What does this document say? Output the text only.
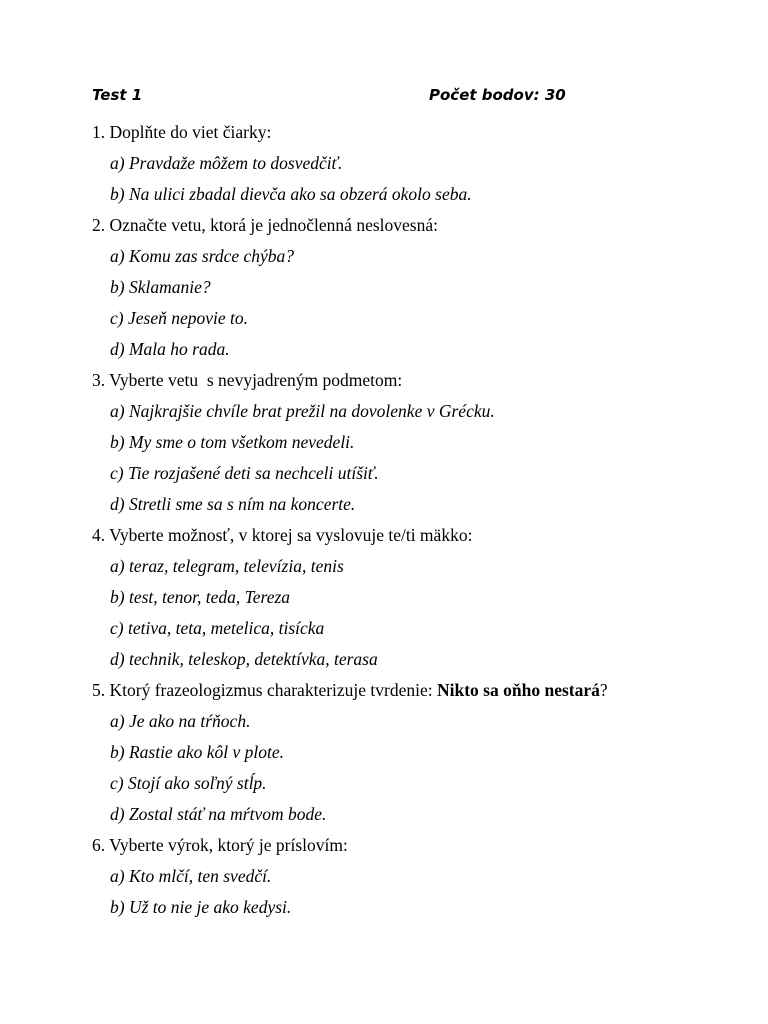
Test 1	Počet bodov: 30

1. Doplňte do viet čiarky:

a) Pravdaže môžem to dosvedčiť.

b) Na ulici zbadal dievča ako sa obzerá okolo seba.

2. Označte vetu, ktorá je jednočlenná neslovesná:

a) Komu zas srdce chýba?

b) Sklamanie?

c) Jeseň nepovie to.

d) Mala ho rada.

3. Vyberte vetu  s nevyjadreným podmetom:

a) Najkrajšie chvíle brat prežil na dovolenke v Grécku.

b) My sme o tom všetkom nevedeli.

c) Tie rozjašené deti sa nechceli utíšiť.

d) Stretli sme sa s ním na koncerte.

4. Vyberte možnosť, v ktorej sa vyslovuje te/ti mäkko:

a) teraz, telegram, televízia, tenis

b) test, tenor, teda, Tereza

c) tetiva, teta, metelica, tisícka

d) technik, teleskop, detektívka, terasa

5. Ktorý frazeologizmus charakterizuje tvrdenie: Nikto sa oňho nestará?

a) Je ako na tŕňoch.

b) Rastie ako kôl v plote.

c) Stojí ako soľný stĺp.

d) Zostal stáť na mŕtvom bode.

6. Vyberte výrok, ktorý je príslovím:

a) Kto mlčí, ten svedčí.

b) Už to nie je ako kedysi.
